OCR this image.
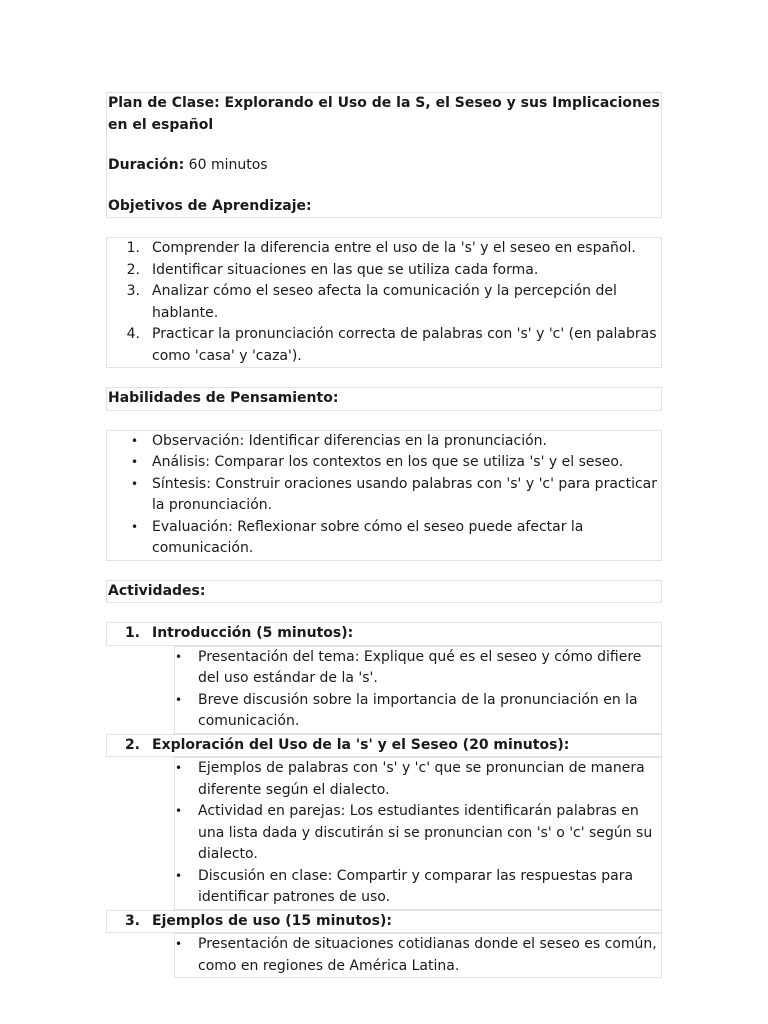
Plan de Clase: Explorando el Uso de la S, el Seseo y sus Implicaciones en el español
Duración: 60 minutos
Objetivos de Aprendizaje:
1. Comprender la diferencia entre el uso de la 's' y el seseo en español.
2. Identificar situaciones en las que se utiliza cada forma.
3. Analizar cómo el seseo afecta la comunicación y la percepción del hablante.
4. Practicar la pronunciación correcta de palabras con 's' y 'c' (en palabras como 'casa' y 'caza').
Habilidades de Pensamiento:
• Observación: Identificar diferencias en la pronunciación.
• Análisis: Comparar los contextos en los que se utiliza 's' y el seseo.
• Síntesis: Construir oraciones usando palabras con 's' y 'c' para practicar la pronunciación.
• Evaluación: Reflexionar sobre cómo el seseo puede afectar la comunicación.
Actividades:
1. Introducción (5 minutos):
• Presentación del tema: Explique qué es el seseo y cómo difiere del uso estándar de la 's'.
• Breve discusión sobre la importancia de la pronunciación en la comunicación.
2. Exploración del Uso de la 's' y el Seseo (20 minutos):
• Ejemplos de palabras con 's' y 'c' que se pronuncian de manera diferente según el dialecto.
• Actividad en parejas: Los estudiantes identificarán palabras en una lista dada y discutirán si se pronuncian con 's' o 'c' según su dialecto.
• Discusión en clase: Compartir y comparar las respuestas para identificar patrones de uso.
3. Ejemplos de uso (15 minutos):
• Presentación de situaciones cotidianas donde el seseo es común, como en regiones de América Latina.
